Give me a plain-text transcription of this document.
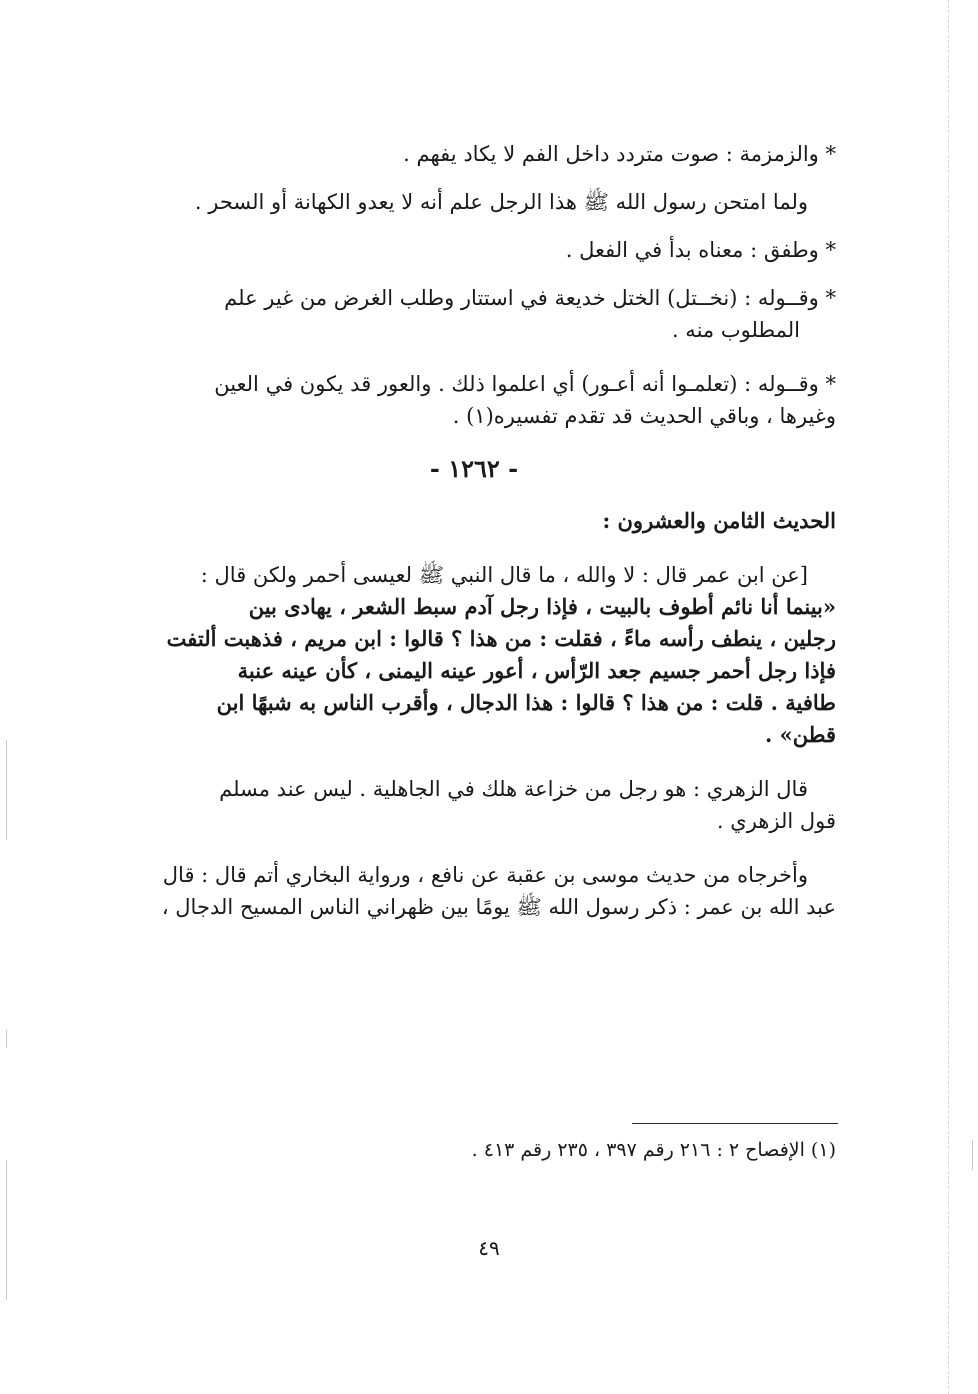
* والزمزمة : صوت متردد داخل الفم لا يكاد يفهم .
ولما امتحن رسول الله ﷺ هذا الرجل علم أنه لا يعدو الكهانة أو السحر .
* وطفق : معناه بدأ في الفعل .
* وقــوله : (نخــتل) الختل خديعة في استتار وطلب الغرض من غير علم
المطلوب منه .
* وقــوله : (تعلمـوا أنه أعـور) أي اعلموا ذلك . والعور قد يكون في العين
وغيرها ، وباقي الحديث قد تقدم تفسيره(١) .
- ١٢٦٢ -
الحديث الثامن والعشرون :
[عن ابن عمر قال : لا والله ، ما قال النبي ﷺ لعيسى أحمر ولكن قال :
«بينما أنا نائم أطوف بالبيت ، فإذا رجل آدم سبط الشعر ، يهادى بين
رجلين ، ينطف رأسه ماءً ، فقلت : من هذا ؟ قالوا : ابن مريم ، فذهبت ألتفت
فإذا رجل أحمر جسيم جعد الرّأس ، أعور عينه اليمنى ، كأن عينه عنبة
طافية . قلت : من هذا ؟ قالوا : هذا الدجال ، وأقرب الناس به شبهًا ابن
قطن» .
قال الزهري : هو رجل من خزاعة هلك في الجاهلية . ليس عند مسلم
قول الزهري .
وأخرجاه من حديث موسى بن عقبة عن نافع ، ورواية البخاري أتم قال : قال
عبد الله بن عمر : ذكر رسول الله ﷺ يومًا بين ظهراني الناس المسيح الدجال ،
(١) الإفصاح ٢ : ٢١٦ رقم ٣٩٧ ، ٢٣٥ رقم ٤١٣ .
٤٩
